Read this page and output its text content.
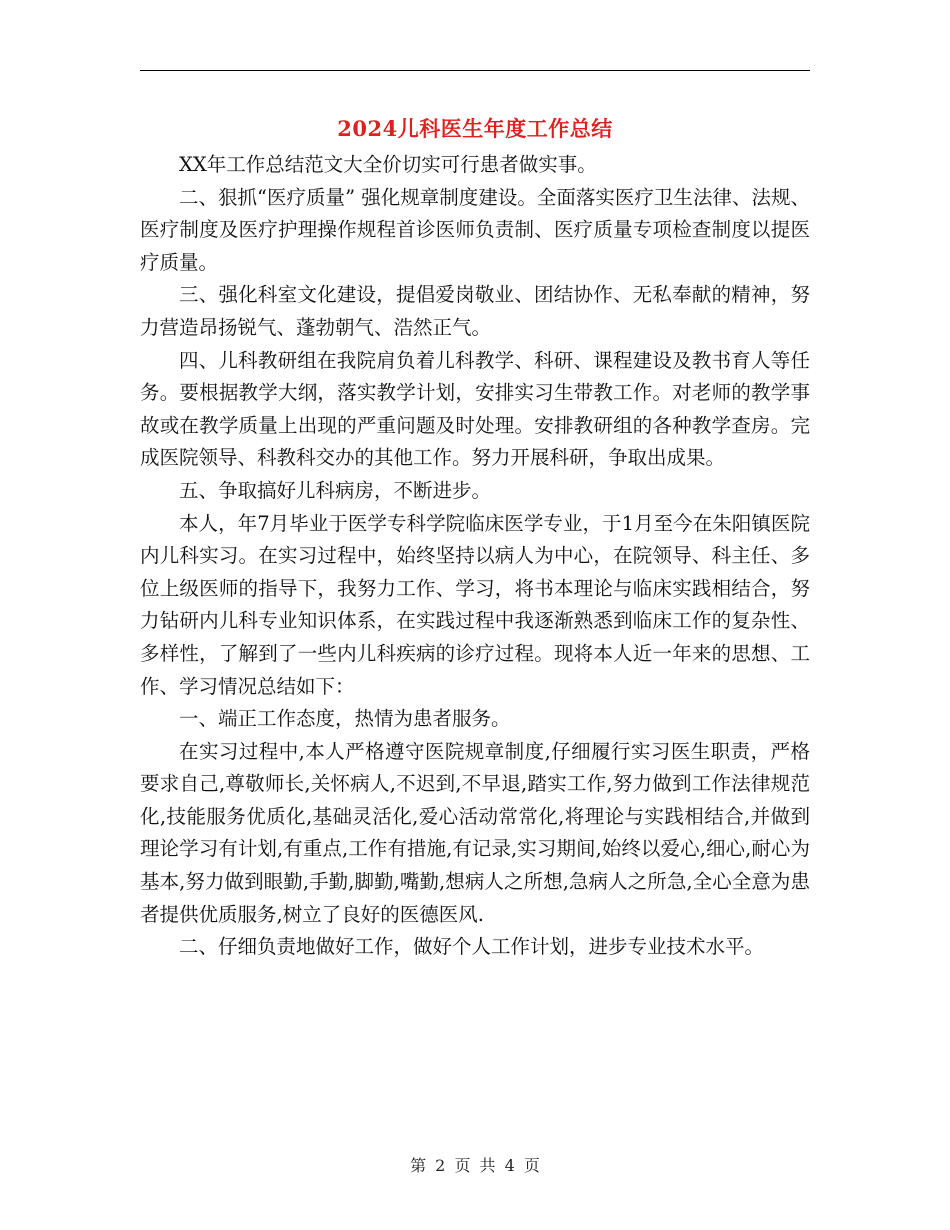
2024儿科医生年度工作总结

XX年工作总结范文大全价切实可行患者做实事。

二、狠抓“医疗质量” 强化规章制度建设。全面落实医疗卫生法律、法规、医疗制度及医疗护理操作规程首诊医师负责制、医疗质量专项检查制度以提医疗质量。

三、强化科室文化建设，提倡爱岗敬业、团结协作、无私奉献的精神，努力营造昂扬锐气、蓬勃朝气、浩然正气。

四、儿科教研组在我院肩负着儿科教学、科研、课程建设及教书育人等任务。要根据教学大纲，落实教学计划，安排实习生带教工作。对老师的教学事故或在教学质量上出现的严重问题及时处理。安排教研组的各种教学查房。完成医院领导、科教科交办的其他工作。努力开展科研，争取出成果。

五、争取搞好儿科病房，不断进步。

本人，年7月毕业于医学专科学院临床医学专业，于1月至今在朱阳镇医院内儿科实习。在实习过程中，始终坚持以病人为中心，在院领导、科主任、多位上级医师的指导下，我努力工作、学习，将书本理论与临床实践相结合，努力钻研内儿科专业知识体系，在实践过程中我逐渐熟悉到临床工作的复杂性、多样性，了解到了一些内儿科疾病的诊疗过程。现将本人近一年来的思想、工作、学习情况总结如下：

一、端正工作态度，热情为患者服务。

在实习过程中,本人严格遵守医院规章制度,仔细履行实习医生职责，严格要求自己,尊敬师长,关怀病人,不迟到,不早退,踏实工作,努力做到工作法律规范化,技能服务优质化,基础灵活化,爱心活动常常化,将理论与实践相结合,并做到理论学习有计划,有重点,工作有措施,有记录,实习期间,始终以爱心,细心,耐心为基本,努力做到眼勤,手勤,脚勤,嘴勤,想病人之所想,急病人之所急,全心全意为患者提供优质服务,树立了良好的医德医风.

二、仔细负责地做好工作，做好个人工作计划，进步专业技术水平。

第 2 页 共 4 页
